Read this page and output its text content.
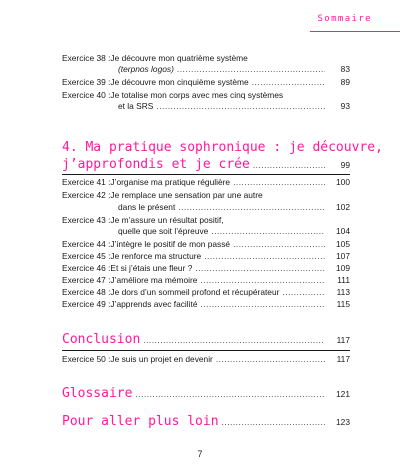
Sommaire
Exercice 38 : Je découvre mon quatrième système
(terpnos logos) .....	83
Exercice 39 : Je découvre mon cinquième système .....	89
Exercice 40 : Je totalise mon corps avec mes cinq systèmes
et la SRS .....	93
4. Ma pratique sophronique : je découvre,
j’approfondis et je crée .....	99
Exercice 41 : J’organise ma pratique régulière .....	100
Exercice 42 : Je remplace une sensation par une autre
dans le présent .....	102
Exercice 43 : Je m’assure un résultat positif,
quelle que soit l’épreuve .....	104
Exercice 44 : J’intègre le positif de mon passé .....	105
Exercice 45 : Je renforce ma structure .....	107
Exercice 46 : Et si j’étais une fleur ? .....	109
Exercice 47 : J’améliore ma mémoire .....	111
Exercice 48 : Je dors d’un sommeil profond et récupérateur .....	113
Exercice 49 : J’apprends avec facilité .....	115
Conclusion .....	117
Exercice 50 : Je suis un projet en devenir .....	117
Glossaire .....	121
Pour aller plus loin .....	123
7
